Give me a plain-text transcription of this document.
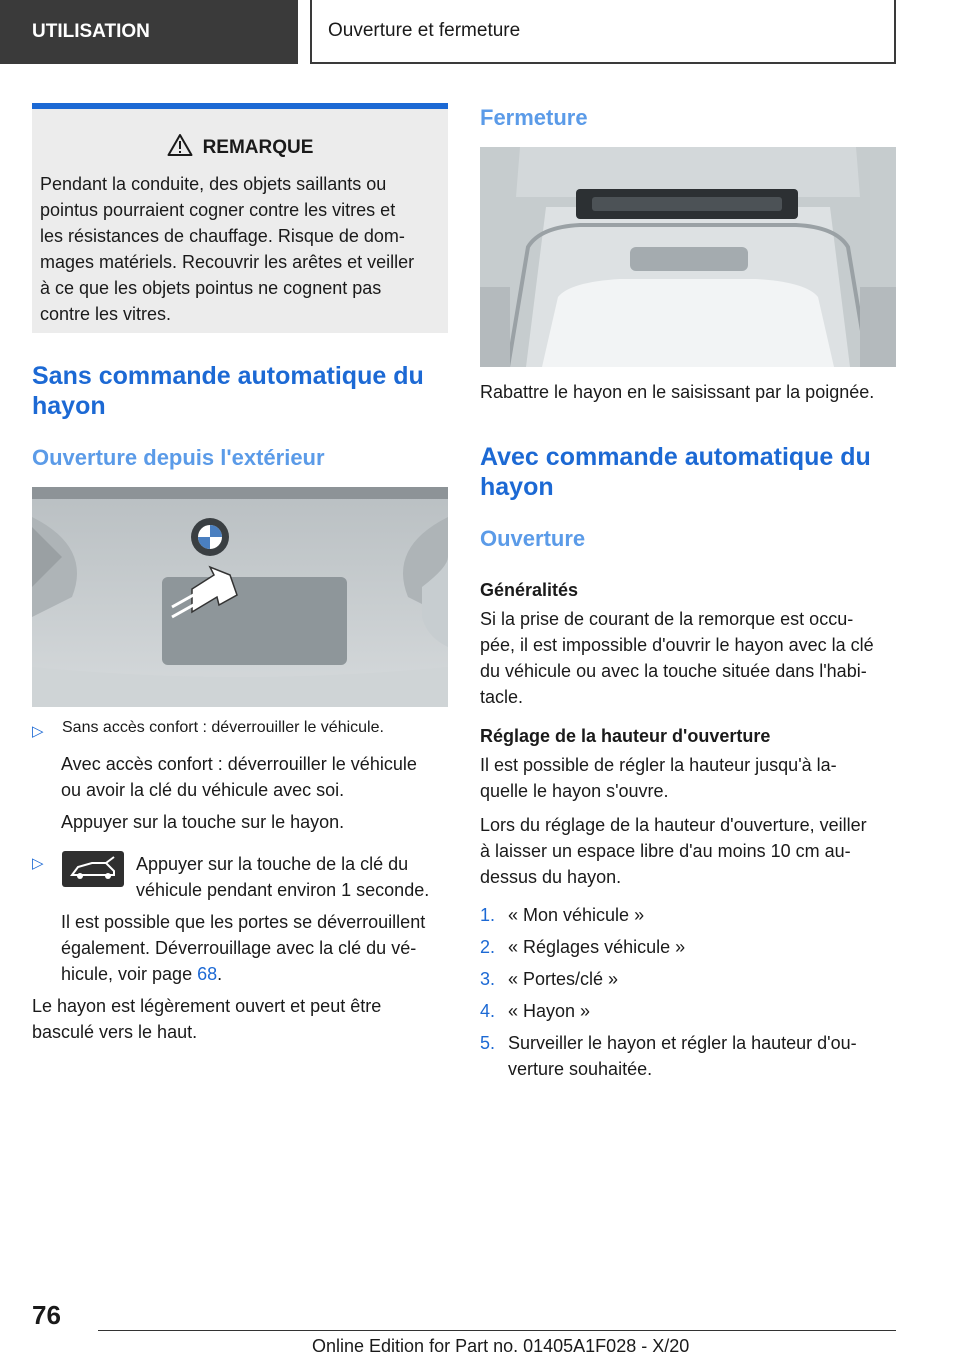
UTILISATION	Ouverture et fermeture
REMARQUE
Pendant la conduite, des objets saillants ou
pointus pourraient cogner contre les vitres et
les résistances de chauffage. Risque de dom-
mages matériels. Recouvrir les arêtes et veiller
à ce que les objets pointus ne cognent pas
contre les vitres.
Sans commande automatique du
hayon
Ouverture depuis l'extérieur
▷ Sans accès confort : déverrouiller le véhicule.

Avec accès confort : déverrouiller le véhicule

ou avoir la clé du véhicule avec soi.

Appuyer sur la touche sur le hayon.

▷	Appuyer sur la touche de la clé du

véhicule pendant environ 1 seconde.

Il est possible que les portes se déverrouillent

également. Déverrouillage avec la clé du vé-

hicule, voir page 68.

Le hayon est légèrement ouvert et peut être

basculé vers le haut.

Fermeture

Rabattre le hayon en le saisissant par la poignée.

Avec commande automatique du
hayon
Ouverture
Généralités

Si la prise de courant de la remorque est occu-

pée, il est impossible d'ouvrir le hayon avec la clé

du véhicule ou avec la touche située dans l'habi-

tacle.

Réglage de la hauteur d'ouverture

Il est possible de régler la hauteur jusqu'à la-

quelle le hayon s'ouvre.

Lors du réglage de la hauteur d'ouverture, veiller

à laisser un espace libre d'au moins 10 cm au-

dessus du hayon.

1. « Mon véhicule »
2. « Réglages véhicule »
3. « Portes/clé »
4. « Hayon »
5. Surveiller le hayon et régler la hauteur d'ou-
verture souhaitée.
76
Online Edition for Part no. 01405A1F028 - X/20
